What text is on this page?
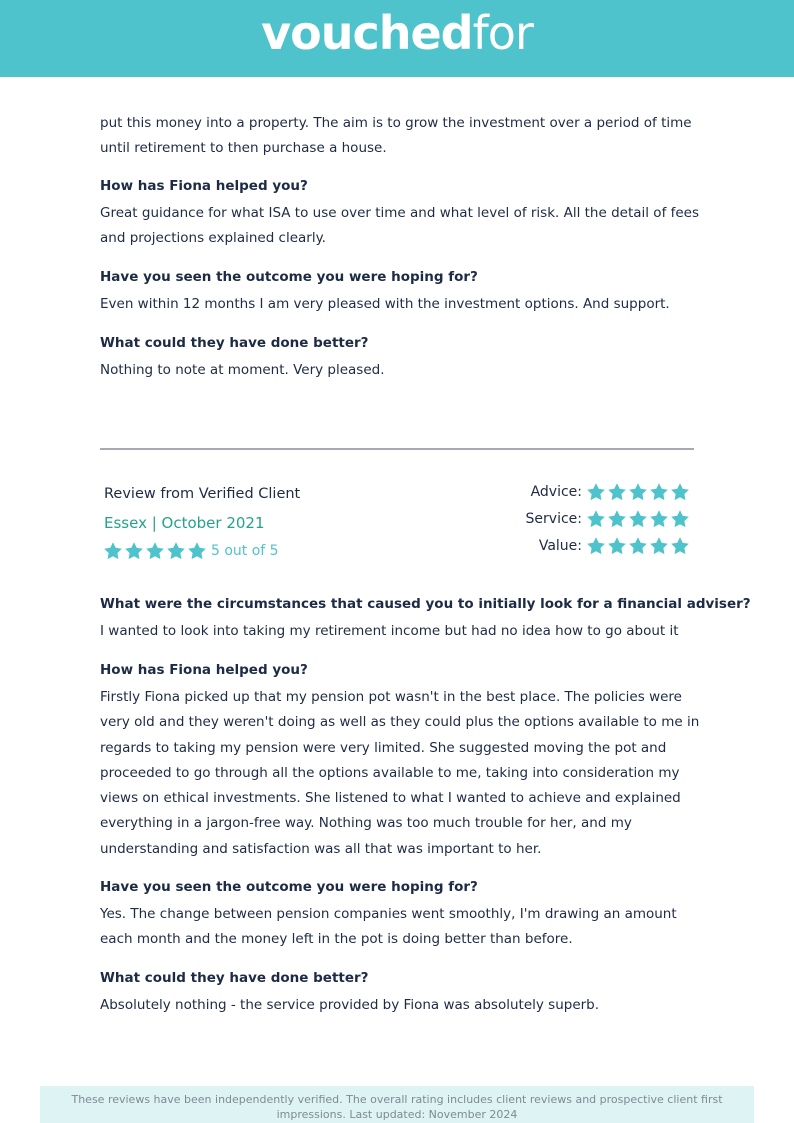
vouchedfor
put this money into a property. The aim is to grow the investment over a period of time until retirement to then purchase a house.
How has Fiona helped you?
Great guidance for what ISA to use over time and what level of risk. All the detail of fees and projections explained clearly.
Have you seen the outcome you were hoping for?
Even within 12 months I am very pleased with the investment options. And support.
What could they have done better?
Nothing to note at moment. Very pleased.
Review from Verified Client
Essex | October 2021
5 out of 5
Advice:
Service:
Value:
What were the circumstances that caused you to initially look for a financial adviser?
I wanted to look into taking my retirement income but had no idea how to go about it
How has Fiona helped you?
Firstly Fiona picked up that my pension pot wasn't in the best place. The policies were very old and they weren't doing as well as they could plus the options available to me in regards to taking my pension were very limited. She suggested moving the pot and proceeded to go through all the options available to me, taking into consideration my views on ethical investments. She listened to what I wanted to achieve and explained everything in a jargon-free way. Nothing was too much trouble for her, and my understanding and satisfaction was all that was important to her.
Have you seen the outcome you were hoping for?
Yes. The change between pension companies went smoothly, I'm drawing an amount each month and the money left in the pot is doing better than before.
What could they have done better?
Absolutely nothing - the service provided by Fiona was absolutely superb.
These reviews have been independently verified. The overall rating includes client reviews and prospective client first impressions. Last updated: November 2024
